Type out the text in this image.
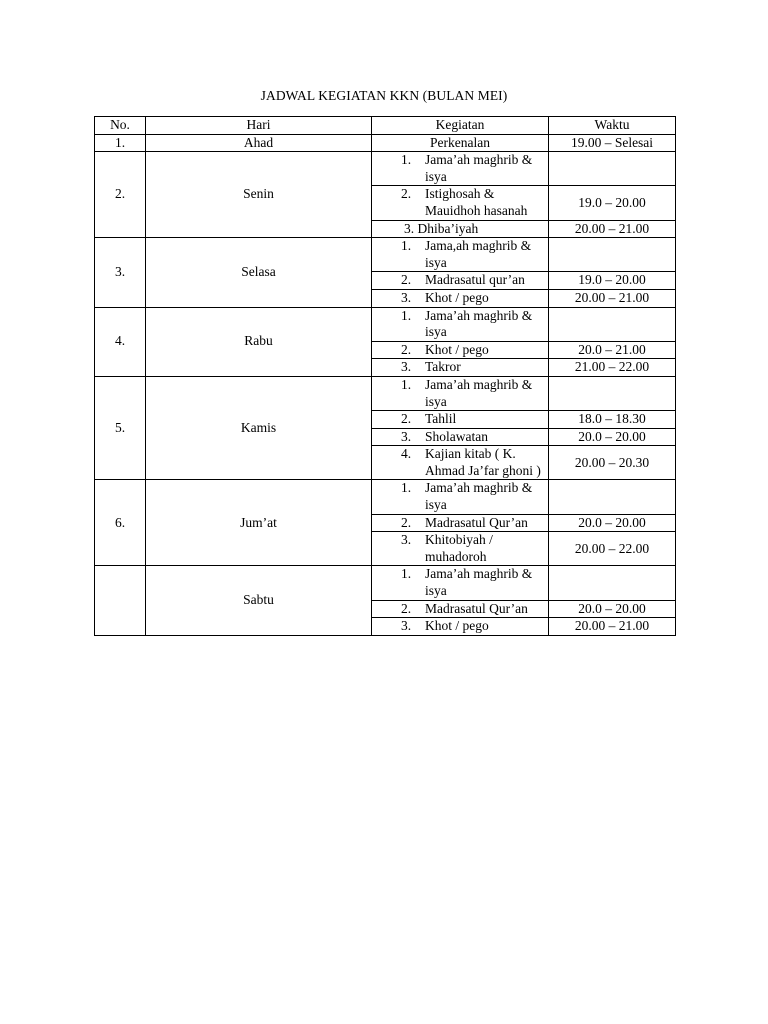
JADWAL KEGIATAN KKN (BULAN MEI)
No.	Hari	Kegiatan	Waktu
1.	Ahad	Perkenalan	19.00 – Selesai
2.	Senin	1. Jama’ah maghrib & isya	

		2. Istighosah & Mauidhoh hasanah	19.0 – 20.00

		3. Dhiba’iyah	20.00 – 21.00
3.	Selasa	1. Jama,ah maghrib & isya	

		2. Madrasatul qur’an	19.0 – 20.00

		3. Khot / pego	20.00 – 21.00
4.	Rabu	1. Jama’ah maghrib & isya	

		2. Khot / pego	20.0 – 21.00

		3. Takror	21.00 – 22.00
5.	Kamis	1. Jama’ah maghrib & isya	

		2. Tahlil	18.0 – 18.30

		3. Sholawatan	20.0 – 20.00

		4. Kajian kitab ( K. Ahmad Ja’far ghoni )	20.00 – 20.30
6.	Jum’at	1. Jama’ah maghrib & isya	

		2. Madrasatul Qur’an	20.0 – 20.00

		3. Khitobiyah / muhadoroh	20.00 – 22.00
	Sabtu	1. Jama’ah maghrib & isya	

		2. Madrasatul Qur’an	20.0 – 20.00

		3. Khot / pego	20.00 – 21.00
